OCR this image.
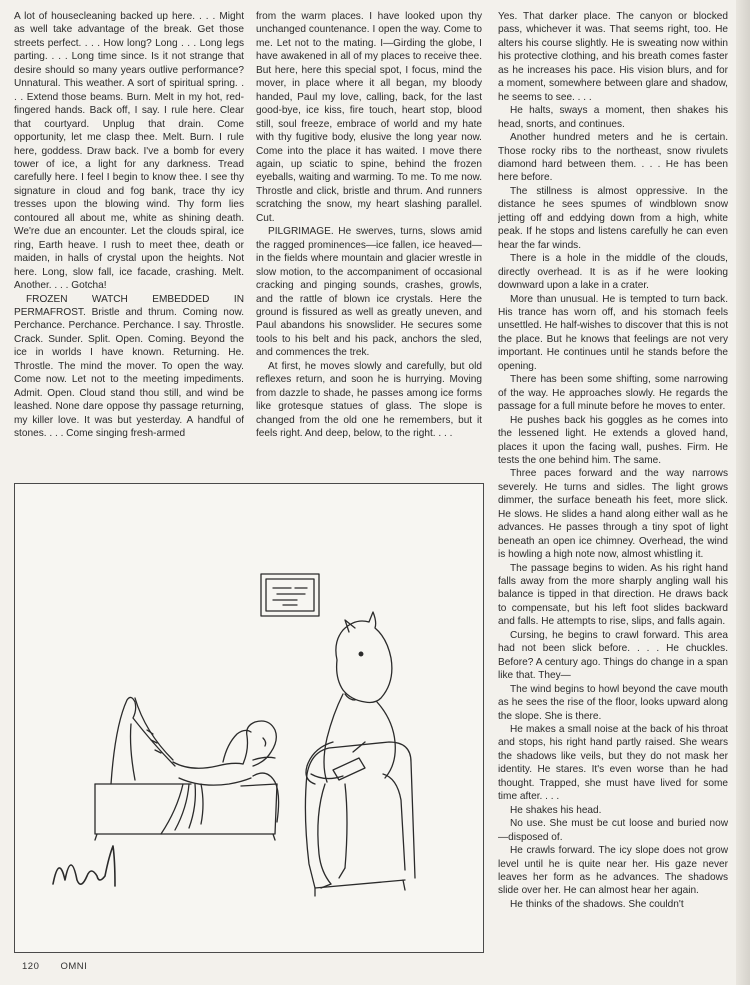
A lot of housecleaning backed up here. . . . Might as well take advantage of the break. Get those streets perfect. . . . How long? Long . . . Long legs parting. . . . Long time since. Is it not strange that desire should so many years outlive performance? Unnatural. This weather. A sort of spiritual spring. . . . Extend those beams. Burn. Melt in my hot, red-fingered hands. Back off, I say. I rule here. Clear that courtyard. Unplug that drain. Come opportunity, let me clasp thee. Melt. Burn. I rule here, goddess. Draw back. I've a bomb for every tower of ice, a light for any darkness. Tread carefully here. I feel I begin to know thee. I see thy signature in cloud and fog bank, trace thy icy tresses upon the blowing wind. Thy form lies contoured all about me, white as shining death. We're due an encounter. Let the clouds spiral, ice ring, Earth heave. I rush to meet thee, death or maiden, in halls of crystal upon the heights. Not here. Long, slow fall, ice facade, crashing. Melt. Another. . . . Gotcha!

FROZEN WATCH EMBEDDED IN PERMAFROST. Bristle and thrum. Coming now. Perchance. Perchance. Perchance. I say. Throstle. Crack. Sunder. Split. Open. Coming. Beyond the ice in worlds I have known. Returning. He. Throstle. The mind the mover. To open the way. Come now. Let not to the meeting impediments. Admit. Open. Cloud stand thou still, and wind be leashed. None dare oppose thy passage returning, my killer love. It was but yesterday. A handful of stones. . . . Come singing fresh-armed

from the warm places. I have looked upon thy unchanged countenance. I open the way. Come to me. Let not to the mating. I—Girding the globe, I have awakened in all of my places to receive thee. But here, here this special spot, I focus, mind the mover, in place where it all began, my bloody handed, Paul my love, calling, back, for the last good-bye, ice kiss, fire touch, heart stop, blood still, soul freeze, embrace of world and my hate with thy fugitive body, elusive the long year now. Come into the place it has waited. I move there again, up sciatic to spine, behind the frozen eyeballs, waiting and warming. To me. To me now. Throstle and click, bristle and thrum. And runners scratching the snow, my heart slashing parallel. Cut.

PILGRIMAGE. He swerves, turns, slows amid the ragged prominences—ice fallen, ice heaved—in the fields where mountain and glacier wrestle in slow motion, to the accompaniment of occasional cracking and pinging sounds, crashes, growls, and the rattle of blown ice crystals. Here the ground is fissured as well as greatly uneven, and Paul abandons his snowslider. He secures some tools to his belt and his pack, anchors the sled, and commences the trek.

At first, he moves slowly and carefully, but old reflexes return, and soon he is hurrying. Moving from dazzle to shade, he passes among ice forms like grotesque statues of glass. The slope is changed from the old one he remembers, but it feels right. And deep, below, to the right. . . .

Yes. That darker place. The canyon or blocked pass, whichever it was. That seems right, too. He alters his course slightly. He is sweating now within his protective clothing, and his breath comes faster as he increases his pace. His vision blurs, and for a moment, somewhere between glare and shadow, he seems to see. . . .

He halts, sways a moment, then shakes his head, snorts, and continues.

Another hundred meters and he is certain. Those rocky ribs to the northeast, snow rivulets diamond hard between them. . . . He has been here before.

The stillness is almost oppressive. In the distance he sees spumes of windblown snow jetting off and eddying down from a high, white peak. If he stops and listens carefully he can even hear the far winds.

There is a hole in the middle of the clouds, directly overhead. It is as if he were looking downward upon a lake in a crater.

More than unusual. He is tempted to turn back. His trance has worn off, and his stomach feels unsettled. He half-wishes to discover that this is not the place. But he knows that feelings are not very important. He continues until he stands before the opening.

There has been some shifting, some narrowing of the way. He approaches slowly. He regards the passage for a full minute before he moves to enter.

He pushes back his goggles as he comes into the lessened light. He extends a gloved hand, places it upon the facing wall, pushes. Firm. He tests the one behind him. The same.

Three paces forward and the way narrows severely. He turns and sidles. The light grows dimmer, the surface beneath his feet, more slick. He slows. He slides a hand along either wall as he advances. He passes through a tiny spot of light beneath an open ice chimney. Overhead, the wind is howling a high note now, almost whistling it.

The passage begins to widen. As his right hand falls away from the more sharply angling wall his balance is tipped in that direction. He draws back to compensate, but his left foot slides backward and falls. He attempts to rise, slips, and falls again.

Cursing, he begins to crawl forward. This area had not been slick before. . . . He chuckles. Before? A century ago. Things do change in a span like that. They—

The wind begins to howl beyond the cave mouth as he sees the rise of the floor, looks upward along the slope. She is there.

He makes a small noise at the back of his throat and stops, his right hand partly raised. She wears the shadows like veils, but they do not mask her identity. He stares. It's even worse than he had thought. Trapped, she must have lived for some time after. . . .

He shakes his head.

No use. She must be cut loose and buried now—disposed of.

He crawls forward. The icy slope does not grow level until he is quite near her. His gaze never leaves her form as he advances. The shadows slide over her. He can almost hear her again.

He thinks of the shadows. She couldn't

Mal
120 OMNI
